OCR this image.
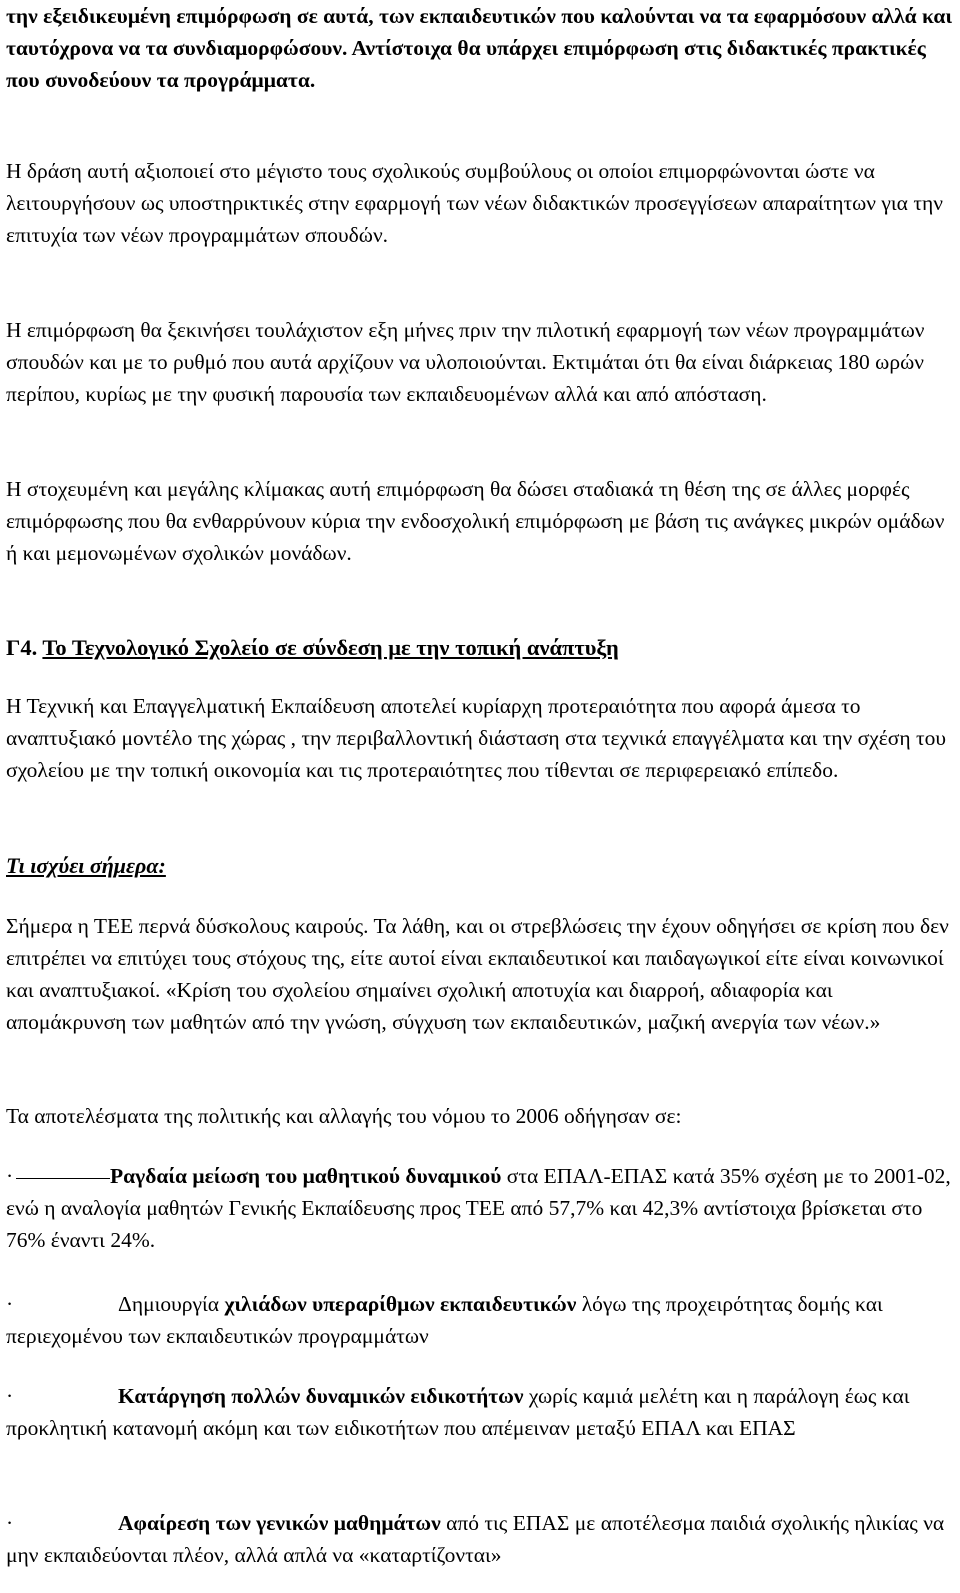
την εξειδικευμένη επιμόρφωση σε αυτά, των εκπαιδευτικών που καλούνται να τα εφαρμόσουν αλλά και ταυτόχρονα να τα συνδιαμορφώσουν. Αντίστοιχα θα υπάρχει επιμόρφωση στις διδακτικές πρακτικές που συνοδεύουν τα προγράμματα.

Η δράση αυτή αξιοποιεί στο μέγιστο τους σχολικούς συμβούλους οι οποίοι επιμορφώνονται ώστε να λειτουργήσουν ως υποστηρικτικές στην εφαρμογή των νέων διδακτικών προσεγγίσεων απαραίτητων για την επιτυχία των νέων προγραμμάτων σπουδών.

Η επιμόρφωση θα ξεκινήσει τουλάχιστον εξη μήνες πριν την πιλοτική εφαρμογή των νέων προγραμμάτων σπουδών και με το ρυθμό που αυτά αρχίζουν να υλοποιούνται. Εκτιμάται ότι θα είναι διάρκειας 180 ωρών περίπου, κυρίως με την φυσική παρουσία των εκπαιδευομένων αλλά και από απόσταση.

Η στοχευμένη και μεγάλης κλίμακας αυτή επιμόρφωση θα δώσει σταδιακά τη θέση της σε άλλες μορφές επιμόρφωσης που θα ενθαρρύνουν κύρια την ενδοσχολική επιμόρφωση με βάση τις ανάγκες μικρών ομάδων ή και μεμονωμένων σχολικών μονάδων.

Γ4. Το Τεχνολογικό Σχολείο σε σύνδεση με την τοπική ανάπτυξη

Η Τεχνική και Επαγγελματική Εκπαίδευση αποτελεί κυρίαρχη προτεραιότητα που αφορά άμεσα το αναπτυξιακό μοντέλο της χώρας , την περιβαλλοντική διάσταση στα τεχνικά επαγγέλματα και την σχέση του σχολείου με την τοπική οικονομία και τις προτεραιότητες που τίθενται σε περιφερειακό επίπεδο.

Τι ισχύει σήμερα:

Σήμερα η ΤΕΕ περνά δύσκολους καιρούς. Τα λάθη, και οι στρεβλώσεις την έχουν οδηγήσει σε κρίση που δεν επιτρέπει να επιτύχει τους στόχους της, είτε αυτοί είναι εκπαιδευτικοί και παιδαγωγικοί είτε είναι κοινωνικοί και αναπτυξιακοί. «Κρίση του σχολείου σημαίνει σχολική αποτυχία και διαρροή, αδιαφορία και απομάκρυνση των μαθητών από την γνώση, σύγχυση των εκπαιδευτικών, μαζική ανεργία των νέων.»

Τα αποτελέσματα της πολιτικής και αλλαγής του νόμου το 2006 οδήγησαν σε:

·	Ραγδαία μείωση του μαθητικού δυναμικού στα ΕΠΑΛ-ΕΠΑΣ κατά 35% σχέση με το 2001-02, ενώ η αναλογία μαθητών Γενικής Εκπαίδευσης προς ΤΕΕ από 57,7% και 42,3% αντίστοιχα βρίσκεται στο 76% έναντι 24%.

·	Δημιουργία χιλιάδων υπεραρίθμων εκπαιδευτικών λόγω της προχειρότητας δομής και περιεχομένου των εκπαιδευτικών προγραμμάτων

·	Κατάργηση πολλών δυναμικών ειδικοτήτων χωρίς καμιά μελέτη και η παράλογη έως και προκλητική κατανομή ακόμη και των ειδικοτήτων που απέμειναν μεταξύ ΕΠΑΛ και ΕΠΑΣ

·	Αφαίρεση των γενικών μαθημάτων από τις ΕΠΑΣ με αποτέλεσμα παιδιά σχολικής ηλικίας να μην εκπαιδεύονται πλέον, αλλά απλά να «καταρτίζονται»
